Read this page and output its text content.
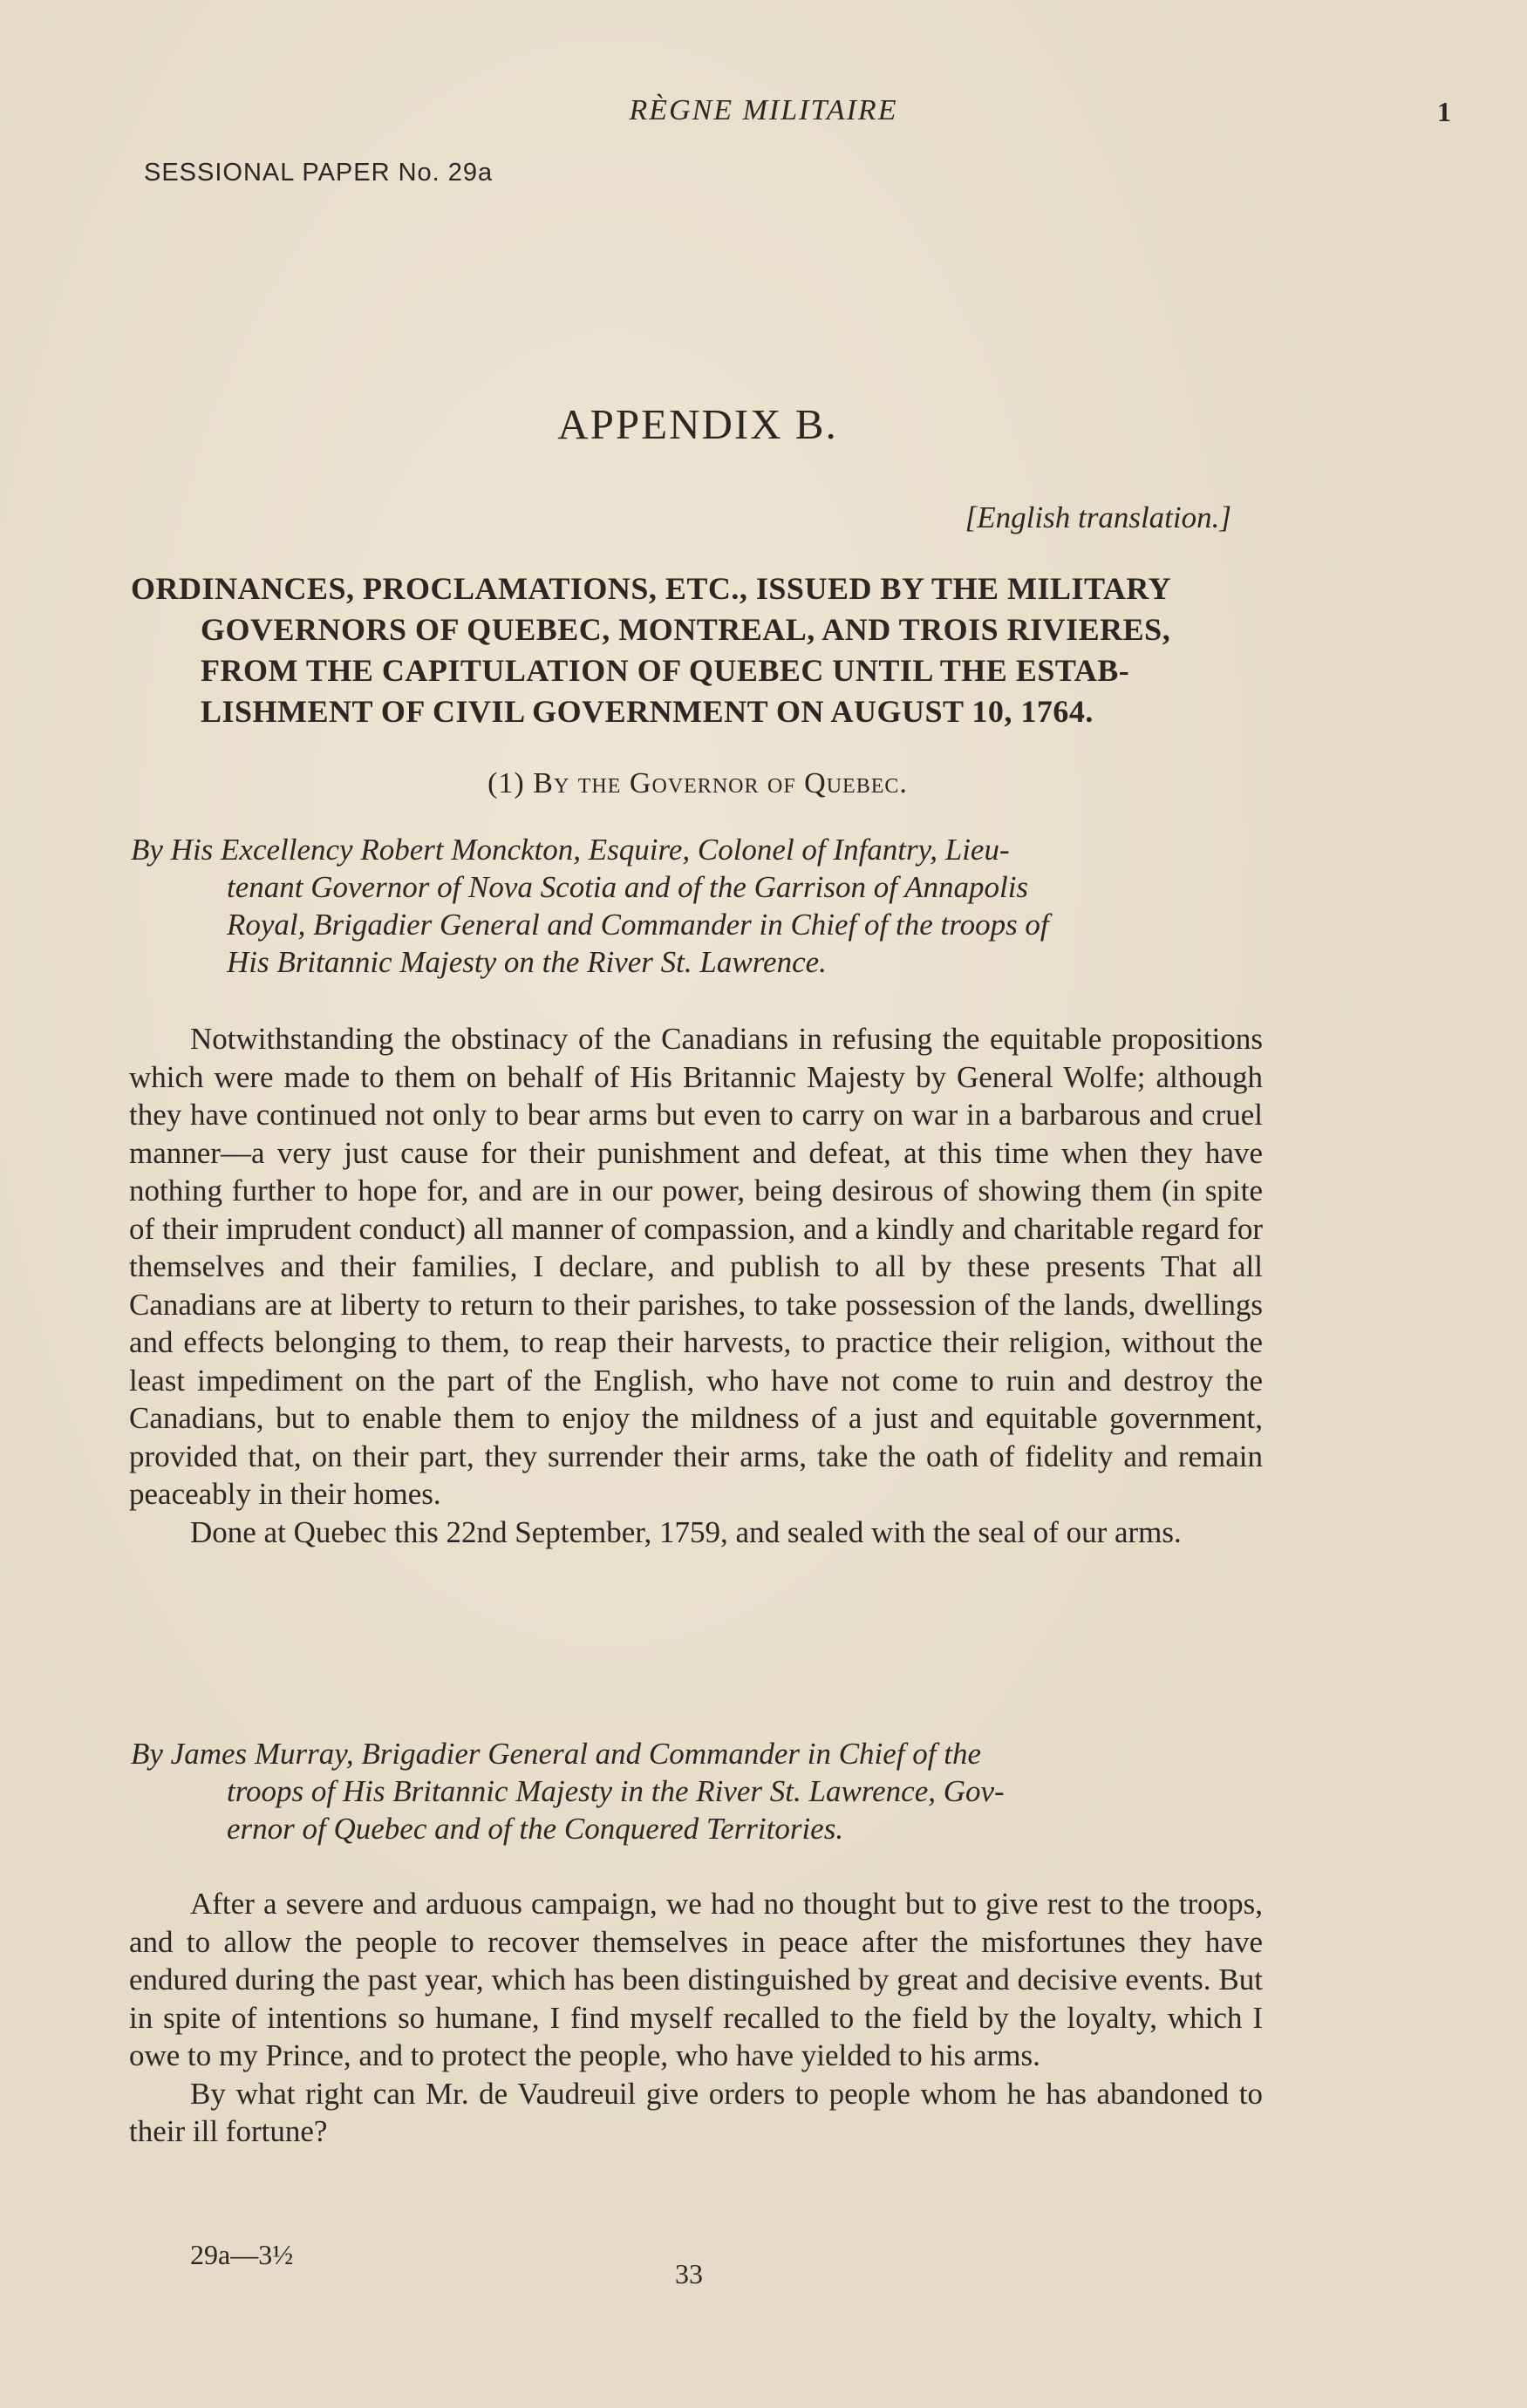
RÈGNE MILITAIRE	1
SESSIONAL PAPER No. 29a
APPENDIX B.
[English translation.]
ORDINANCES, PROCLAMATIONS, ETC., ISSUED BY THE MILITARY
GOVERNORS OF QUEBEC, MONTREAL, AND TROIS RIVIERES,
FROM THE CAPITULATION OF QUEBEC UNTIL THE ESTAB-
LISHMENT OF CIVIL GOVERNMENT ON AUGUST 10, 1764.
(1) By the Governor of Quebec.
By His Excellency Robert Monckton, Esquire, Colonel of Infantry, Lieu-
tenant Governor of Nova Scotia and of the Garrison of Annapolis
Royal, Brigadier General and Commander in Chief of the troops of
His Britannic Majesty on the River St. Lawrence.

Notwithstanding the obstinacy of the Canadians in refusing the equitable propositions which were made to them on behalf of His Britannic Majesty by General Wolfe; although they have continued not only to bear arms but even to carry on war in a barbarous and cruel manner—a very just cause for their punishment and defeat, at this time when they have nothing further to hope for, and are in our power, being desirous of showing them (in spite of their imprudent conduct) all manner of compassion, and a kindly and charitable regard for themselves and their families, I declare, and publish to all by these presents That all Canadians are at liberty to return to their parishes, to take possession of the lands, dwellings and effects belonging to them, to reap their harvests, to practice their religion, without the least impediment on the part of the English, who have not come to ruin and destroy the Canadians, but to enable them to enjoy the mildness of a just and equitable government, provided that, on their part, they surrender their arms, take the oath of fidelity and remain peaceably in their homes.

Done at Quebec this 22nd September, 1759, and sealed with the seal of our arms.

By James Murray, Brigadier General and Commander in Chief of the
troops of His Britannic Majesty in the River St. Lawrence, Gov-
ernor of Quebec and of the Conquered Territories.

After a severe and arduous campaign, we had no thought but to give rest to the troops, and to allow the people to recover themselves in peace after the misfortunes they have endured during the past year, which has been distinguished by great and decisive events. But in spite of intentions so humane, I find myself recalled to the field by the loyalty, which I owe to my Prince, and to protect the people, who have yielded to his arms.

By what right can Mr. de Vaudreuil give orders to people whom he has abandoned to their ill fortune?

29a—3½
33
